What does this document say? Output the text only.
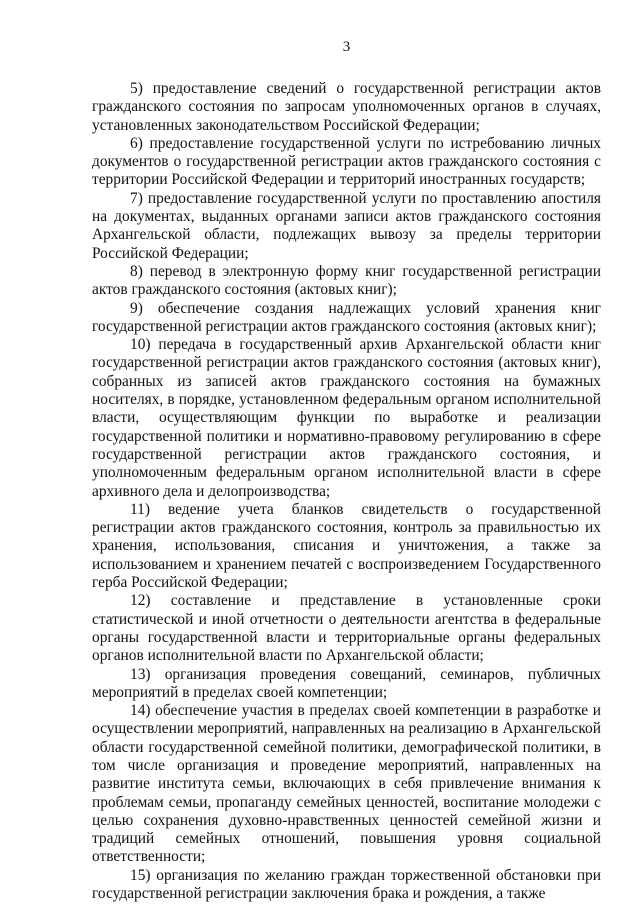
3

5) предоставление сведений о государственной регистрации актов гражданского состояния по запросам уполномоченных органов в случаях, установленных законодательством Российской Федерации;

6) предоставление государственной услуги по истребованию личных документов о государственной регистрации актов гражданского состояния с территории Российской Федерации и территорий иностранных государств;

7) предоставление государственной услуги по проставлению апостиля на документах, выданных органами записи актов гражданского состояния Архангельской области, подлежащих вывозу за пределы территории Российской Федерации;

8) перевод в электронную форму книг государственной регистрации актов гражданского состояния (актовых книг);

9) обеспечение создания надлежащих условий хранения книг государственной регистрации актов гражданского состояния (актовых книг);

10) передача в государственный архив Архангельской области книг государственной регистрации актов гражданского состояния (актовых книг), собранных из записей актов гражданского состояния на бумажных носителях, в порядке, установленном федеральным органом исполнительной власти, осуществляющим функции по выработке и реализации государственной политики и нормативно-правовому регулированию в сфере государственной регистрации актов гражданского состояния, и уполномоченным федеральным органом исполнительной власти в сфере архивного дела и делопроизводства;

11) ведение учета бланков свидетельств о государственной регистрации актов гражданского состояния, контроль за правильностью их хранения, использования, списания и уничтожения, а также за использованием и хранением печатей с воспроизведением Государственного герба Российской Федерации;

12) составление и представление в установленные сроки статистической и иной отчетности о деятельности агентства в федеральные органы государственной власти и территориальные органы федеральных органов исполнительной власти по Архангельской области;

13) организация проведения совещаний, семинаров, публичных мероприятий в пределах своей компетенции;

14) обеспечение участия в пределах своей компетенции в разработке и осуществлении мероприятий, направленных на реализацию в Архангельской области государственной семейной политики, демографической политики, в том числе организация и проведение мероприятий, направленных на развитие института семьи, включающих в себя привлечение внимания к проблемам семьи, пропаганду семейных ценностей, воспитание молодежи с целью сохранения духовно-нравственных ценностей семейной жизни и традиций семейных отношений, повышения уровня социальной ответственности;

15) организация по желанию граждан торжественной обстановки при государственной регистрации заключения брака и рождения, а также
